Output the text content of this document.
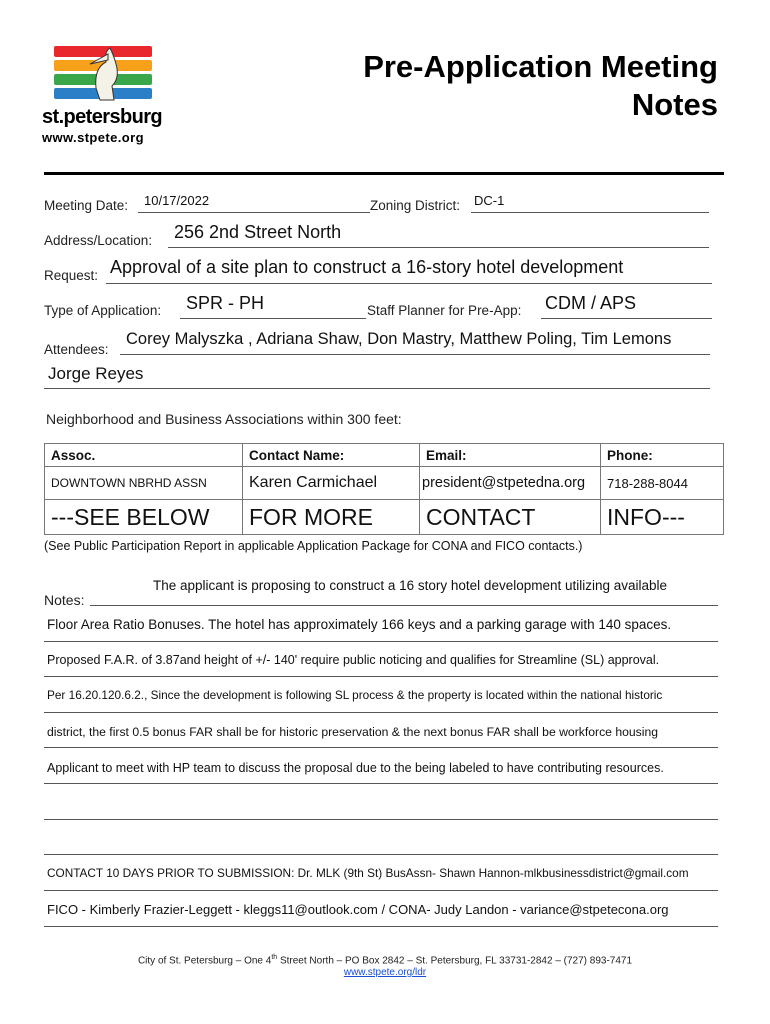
st.petersburg
www.stpete.org
Pre-Application Meeting
Notes
Meeting Date: 10/17/2022	Zoning District: DC-1
Address/Location: 256 2nd Street North
Request: Approval of a site plan to construct a 16-story hotel development
Type of Application: SPR - PH	Staff Planner for Pre-App: CDM / APS
Attendees:
Corey Malyszka , Adriana Shaw, Don Mastry, Matthew Poling, Tim Lemons
Jorge Reyes
Neighborhood and Business Associations within 300 feet:
Assoc.	Contact Name:	Email:	Phone:
DOWNTOWN NBRHD ASSN	Karen Carmichael	president@stpetedna.org	718-288-8044
---SEE BELOW	FOR MORE	CONTACT	INFO---
(See Public Participation Report in applicable Application Package for CONA and FICO contacts.)
Notes:
The applicant is proposing to construct a 16 story hotel development utilizing available
Floor Area Ratio Bonuses. The hotel has approximately 166 keys and a parking garage with 140 spaces.
Proposed F.A.R. of 3.87and height of +/- 140' require public noticing and qualifies for Streamline (SL) approval.
Per 16.20.120.6.2., Since the development is following SL process & the property is located within the national historic
district, the first 0.5 bonus FAR shall be for historic preservation & the next bonus FAR shall be workforce housing
Applicant to meet with HP team to discuss the proposal due to the being labeled to have contributing resources.
CONTACT 10 DAYS PRIOR TO SUBMISSION: Dr. MLK (9th St) BusAssn- Shawn Hannon-mlkbusinessdistrict@gmail.com
FICO - Kimberly Frazier-Leggett - kleggs11@outlook.com / CONA- Judy Landon - variance@stpetecona.org
City of St. Petersburg – One 4th Street North – PO Box 2842 – St. Petersburg, FL 33731-2842 – (727) 893-7471
www.stpete.org/ldr
